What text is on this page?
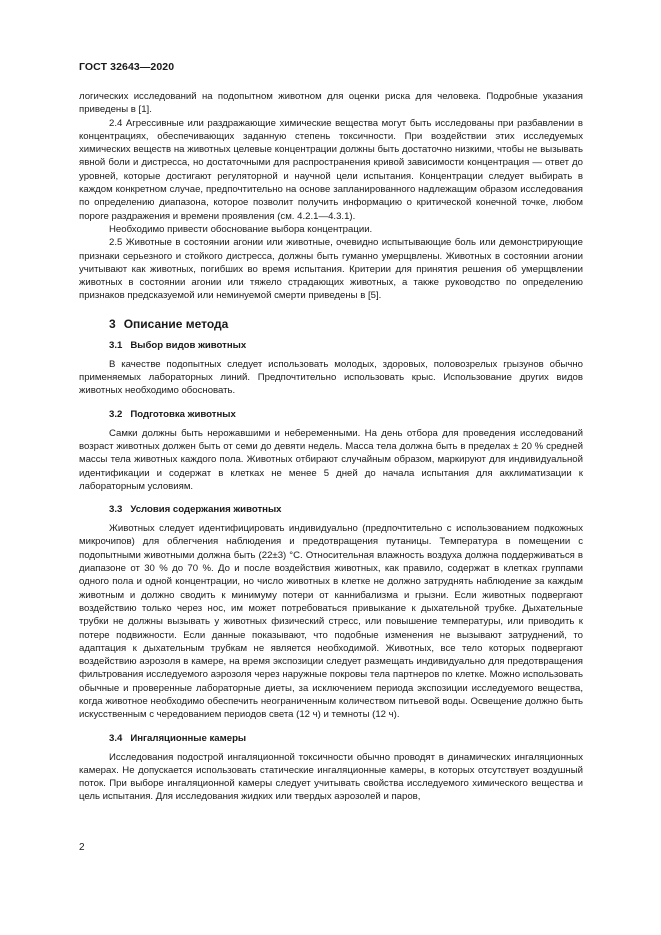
ГОСТ 32643—2020

логических исследований на подопытном животном для оценки риска для человека. Подробные указания приведены в [1].

2.4 Агрессивные или раздражающие химические вещества могут быть исследованы при разбавлении в концентрациях, обеспечивающих заданную степень токсичности. При воздействии этих исследуемых химических веществ на животных целевые концентрации должны быть достаточно низкими, чтобы не вызывать явной боли и дистресса, но достаточными для распространения кривой зависимости концентрация — ответ до уровней, которые достигают регуляторной и научной цели испытания. Концентрации следует выбирать в каждом конкретном случае, предпочтительно на основе запланированного надлежащим образом исследования по определению диапазона, которое позволит получить информацию о критической конечной точке, любом пороге раздражения и времени проявления (см. 4.2.1—4.3.1).

Необходимо привести обоснование выбора концентрации.

2.5 Животные в состоянии агонии или животные, очевидно испытывающие боль или демонстрирующие признаки серьезного и стойкого дистресса, должны быть гуманно умерщвлены. Животных в состоянии агонии учитывают как животных, погибших во время испытания. Критерии для принятия решения об умерщвлении животных в состоянии агонии или тяжело страдающих животных, а также руководство по определению признаков предсказуемой или неминуемой смерти приведены в [5].

3 Описание метода
3.1 Выбор видов животных

В качестве подопытных следует использовать молодых, здоровых, половозрелых грызунов обычно применяемых лабораторных линий. Предпочтительно использовать крыс. Использование других видов животных необходимо обосновать.

3.2 Подготовка животных

Самки должны быть нерожавшими и небеременными. На день отбора для проведения исследований возраст животных должен быть от семи до девяти недель. Масса тела должна быть в пределах ± 20 % средней массы тела животных каждого пола. Животных отбирают случайным образом, маркируют для индивидуальной идентификации и содержат в клетках не менее 5 дней до начала испытания для акклиматизации к лабораторным условиям.

3.3 Условия содержания животных

Животных следует идентифицировать индивидуально (предпочтительно с использованием подкожных микрочипов) для облегчения наблюдения и предотвращения путаницы. Температура в помещении с подопытными животными должна быть (22±3) °С. Относительная влажность воздуха должна поддерживаться в диапазоне от 30 % до 70 %. До и после воздействия животных, как правило, содержат в клетках группами одного пола и одной концентрации, но число животных в клетке не должно затруднять наблюдение за каждым животным и должно сводить к минимуму потери от каннибализма и грызни. Если животных подвергают воздействию только через нос, им может потребоваться привыкание к дыхательной трубке. Дыхательные трубки не должны вызывать у животных физический стресс, или повышение температуры, или приводить к потере подвижности. Если данные показывают, что подобные изменения не вызывают затруднений, то адаптация к дыхательным трубкам не является необходимой. Животных, все тело которых подвергают воздействию аэрозоля в камере, на время экспозиции следует размещать индивидуально для предотвращения фильтрования исследуемого аэрозоля через наружные покровы тела партнеров по клетке. Можно использовать обычные и проверенные лабораторные диеты, за исключением периода экспозиции исследуемого вещества, когда животное необходимо обеспечить неограниченным количеством питьевой воды. Освещение должно быть искусственным с чередованием периодов света (12 ч) и темноты (12 ч).

3.4 Ингаляционные камеры

Исследования подострой ингаляционной токсичности обычно проводят в динамических ингаляционных камерах. Не допускается использовать статические ингаляционные камеры, в которых отсутствует воздушный поток. При выборе ингаляционной камеры следует учитывать свойства исследуемого химического вещества и цель испытания. Для исследования жидких или твердых аэрозолей и паров,

2
